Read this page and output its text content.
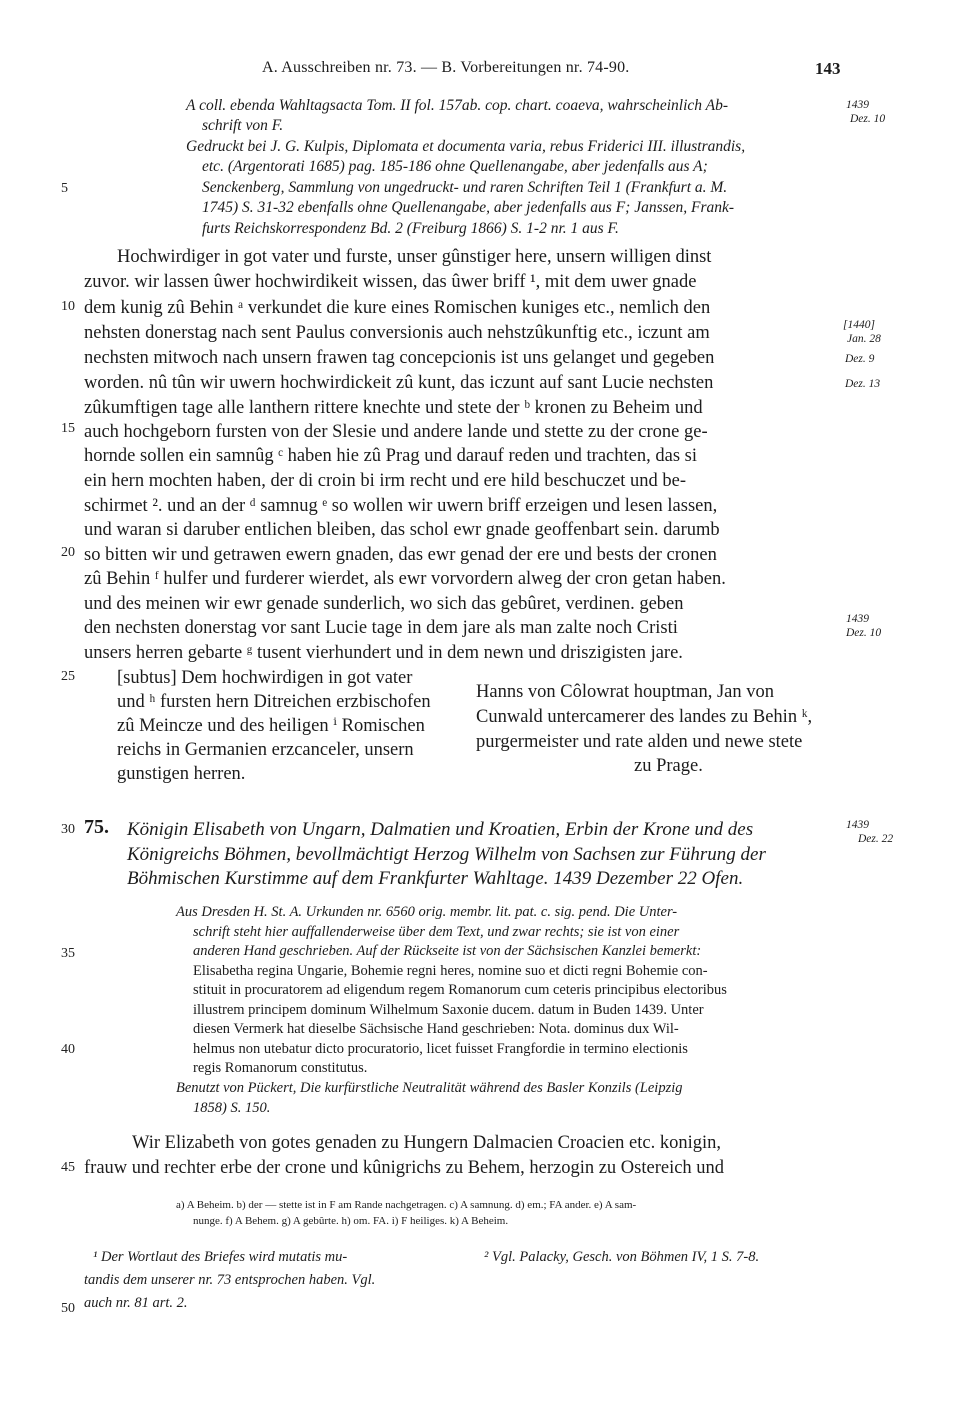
A. Ausschreiben nr. 73. — B. Vorbereitungen nr. 74-90.	143
A coll. ebenda Wahltagsacta Tom. II fol. 157ab. cop. chart. coaeva, wahrscheinlich Ab-
schrift von F.
Gedruckt bei J. G. Kulpis, Diplomata et documenta varia, rebus Friderici III. illustrandis,
etc. (Argentorati 1685) pag. 185-186 ohne Quellenangabe, aber jedenfalls aus A;
Senckenberg, Sammlung von ungedruckt- und raren Schriften Teil 1 (Frankfurt a. M.
1745) S. 31-32 ebenfalls ohne Quellenangabe, aber jedenfalls aus F; Janssen, Frank-
furts Reichskorrespondenz Bd. 2 (Freiburg 1866) S. 1-2 nr. 1 aus F.
5
10
15
20
25
30
35
40
45
50
1439
Dez. 10
[1440]
Jan. 28
Dez. 9
Dez. 13
1439
Dez. 10
1439
Dez. 22
Hochwirdiger in got vater und furste, unser gûnstiger here, unsern willigen dinst
zuvor. wir lassen ûwer hochwirdikeit wissen, das ûwer briff ¹, mit dem uwer gnade
dem kunig zû Behin ᵃ verkundet die kure eines Romischen kuniges etc., nemlich den
nehsten donerstag nach sent Paulus conversionis auch nehstzûkunftig etc., iczunt am
nechsten mitwoch nach unsern frawen tag concepcionis ist uns gelanget und gegeben
worden. nû tûn wir uwern hochwirdickeit zû kunt, das iczunt auf sant Lucie nechsten
zûkumftigen tage alle lanthern rittere knechte und stete der ᵇ kronen zu Beheim und
auch hochgeborn fursten von der Slesie und andere lande und stette zu der crone ge-
hornde sollen ein samnûg ᶜ haben hie zû Prag und darauf reden und trachten, das si
ein hern mochten haben, der di croin bi irm recht und ere hild beschuczet und be-
schirmet ². und an der ᵈ samnug ᵉ so wollen wir uwern briff erzeigen und lesen lassen,
und waran si daruber entlichen bleiben, das schol ewr gnade geoffenbart sein. darumb
so bitten wir und getrawen ewern gnaden, das ewr genad der ere und bests der cronen
zû Behin ᶠ hulfer und furderer wierdet, als ewr vorvordern alweg der cron getan haben.
und des meinen wir ewr genade sunderlich, wo sich das gebûret, verdinen. geben
den nechsten donerstag vor sant Lucie tage in dem jare als man zalte noch Cristi
unsers herren gebarte ᵍ tusent vierhundert und in dem newn und driszigisten jare.
[subtus] Dem hochwirdigen in got vater
und ʰ fursten hern Ditreichen erzbischofen
zû Meincze und des heiligen ⁱ Romischen
reichs in Germanien erzcanceler, unsern
gunstigen herren.
Hanns von Côlowrat houptman, Jan von
Cunwald untercamerer des landes zu Behin ᵏ,
purgermeister und rate alden und newe stete
zu Prage.
75. Königin Elisabeth von Ungarn, Dalmatien und Kroatien, Erbin der Krone und des
Königreichs Böhmen, bevollmächtigt Herzog Wilhelm von Sachsen zur Führung der
Böhmischen Kurstimme auf dem Frankfurter Wahltage. 1439 Dezember 22 Ofen.
Aus Dresden H. St. A. Urkunden nr. 6560 orig. membr. lit. pat. c. sig. pend. Die Unter-
schrift steht hier auffallenderweise über dem Text, und zwar rechts; sie ist von einer
anderen Hand geschrieben. Auf der Rückseite ist von der Sächsischen Kanzlei bemerkt:
Elisabetha regina Ungarie, Bohemie regni heres, nomine suo et dicti regni Bohemie con-
stituit in procuratorem ad eligendum regem Romanorum cum ceteris principibus electoribus
illustrem principem dominum Wilhelmum Saxonie ducem. datum in Buden 1439. Unter
diesen Vermerk hat dieselbe Sächsische Hand geschrieben: Nota. dominus dux Wil-
helmus non utebatur dicto procuratorio, licet fuisset Frangfordie in termino electionis
regis Romanorum constitutus.
Benutzt von Pückert, Die kurfürstliche Neutralität während des Basler Konzils (Leipzig
1858) S. 150.
Wir Elizabeth von gotes genaden zu Hungern Dalmacien Croacien etc. konigin,
frauw und rechter erbe der crone und kûnigrichs zu Behem, herzogin zu Ostereich und
a) A Beheim. b) der — stette ist in F am Rande nachgetragen. c) A samnung. d) em.; FA ander. e) A sam-
nunge. f) A Behem. g) A gebûrte. h) om. FA. i) F heiliges. k) A Beheim.
¹ Der Wortlaut des Briefes wird mutatis mu-
tandis dem unserer nr. 73 entsprochen haben. Vgl.
auch nr. 81 art. 2.
² Vgl. Palacky, Gesch. von Böhmen IV, 1 S. 7-8.
